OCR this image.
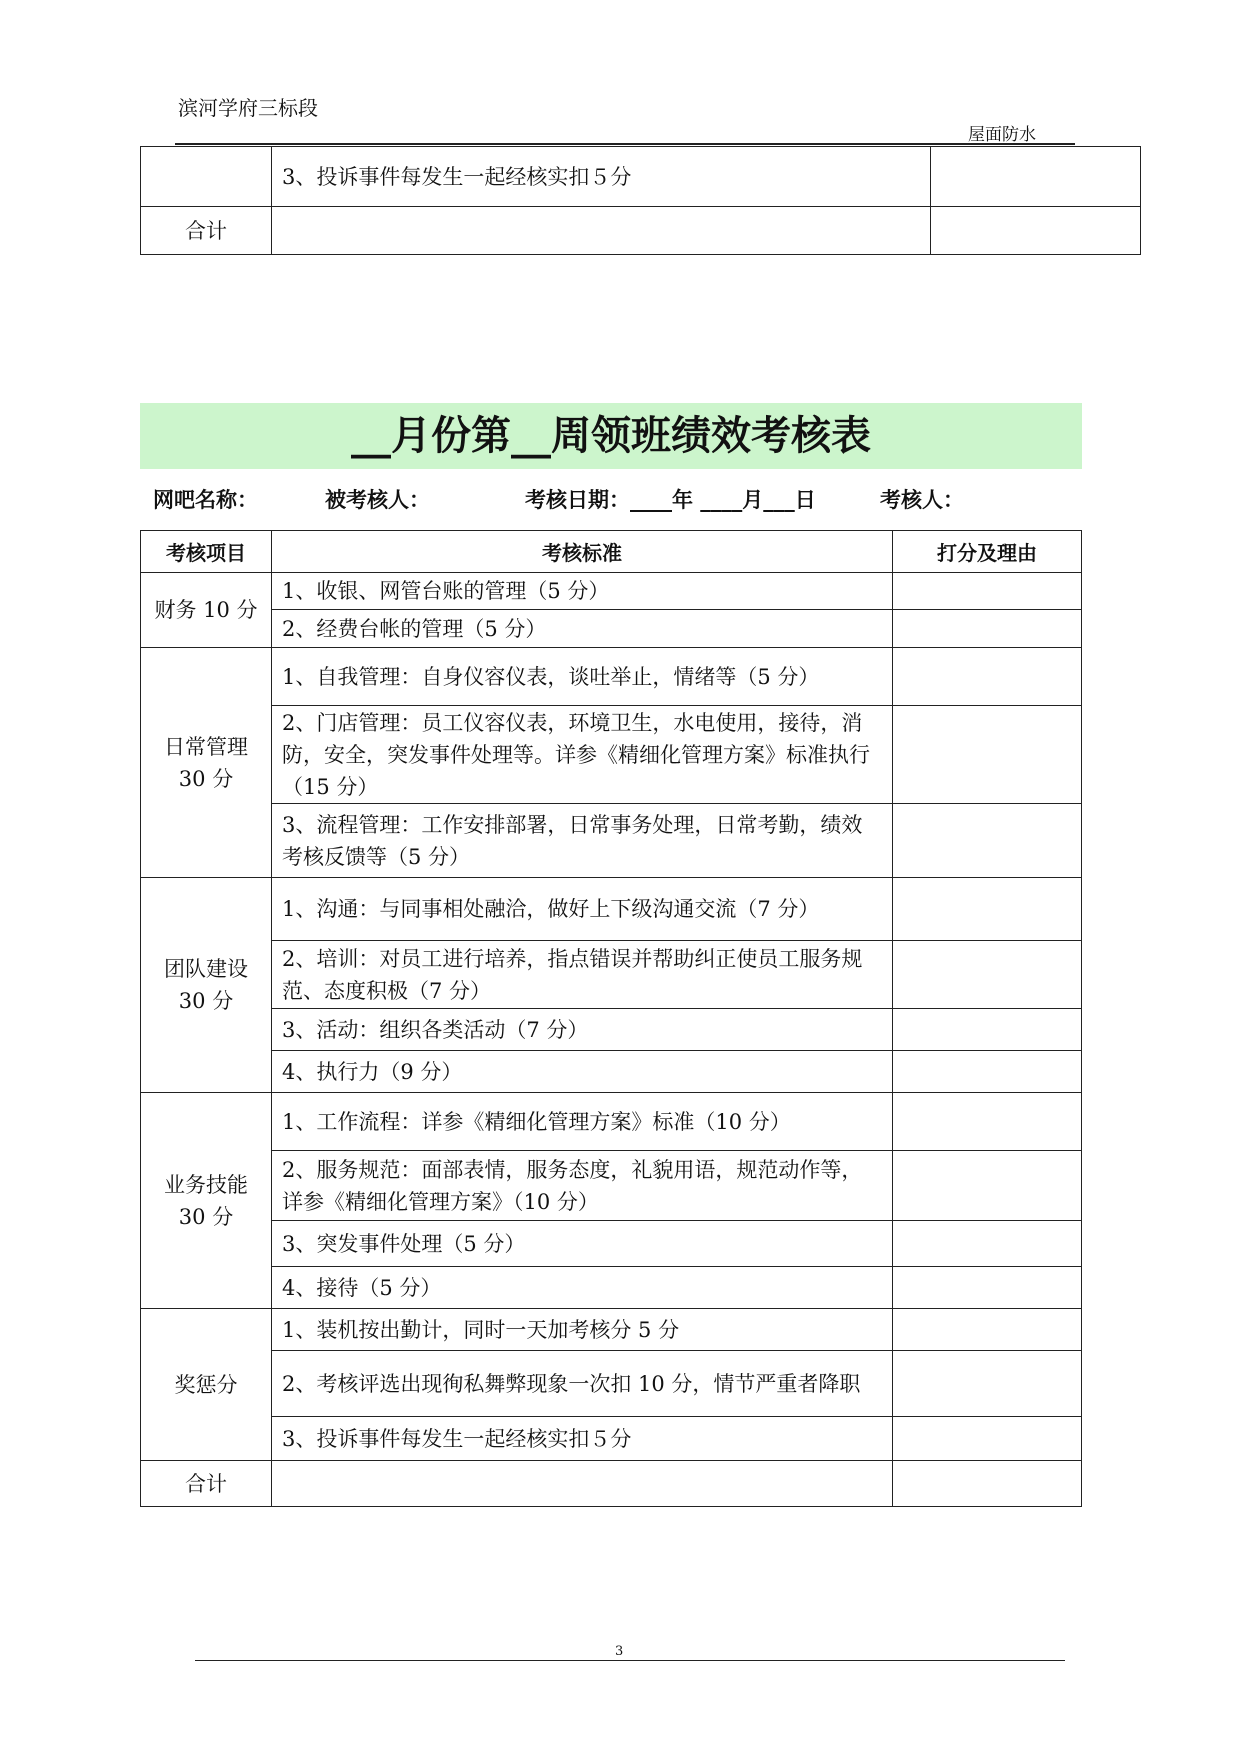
滨河学府三标段
屋面防水
	3、投诉事件每发生一起经核实扣５分	
合计		
__月份第__周领班绩效考核表
网吧名称：	被考核人：	考核日期：____年 ____月___日	考核人：
考核项目	考核标准	打分及理由
财务 10 分	1、收银、网管台账的管理（5 分）	
	2、经费台帐的管理（5 分）	
日常管理 30 分	1、自我管理：自身仪容仪表，谈吐举止，情绪等（5 分）	
	2、门店管理：员工仪容仪表，环境卫生，水电使用，接待，消防，安全，突发事件处理等。详参《精细化管理方案》标准执行（15 分）	
	3、流程管理：工作安排部署，日常事务处理，日常考勤，绩效考核反馈等（5 分）	
团队建设 30 分	1、沟通：与同事相处融洽，做好上下级沟通交流（7 分）	
	2、培训：对员工进行培养，指点错误并帮助纠正使员工服务规范、态度积极（7 分）	
	3、活动：组织各类活动（7 分）	
	4、执行力（9 分）	
业务技能 30 分	1、工作流程：详参《精细化管理方案》标准（10 分）	
	2、服务规范：面部表情，服务态度，礼貌用语，规范动作等，详参《精细化管理方案》（10 分）	
	3、突发事件处理（5 分）	
	4、接待（5 分）	
奖惩分	1、装机按出勤计，同时一天加考核分 5 分	
	2、考核评选出现徇私舞弊现象一次扣 10 分，情节严重者降职	
	3、投诉事件每发生一起经核实扣５分	
合计		
3
